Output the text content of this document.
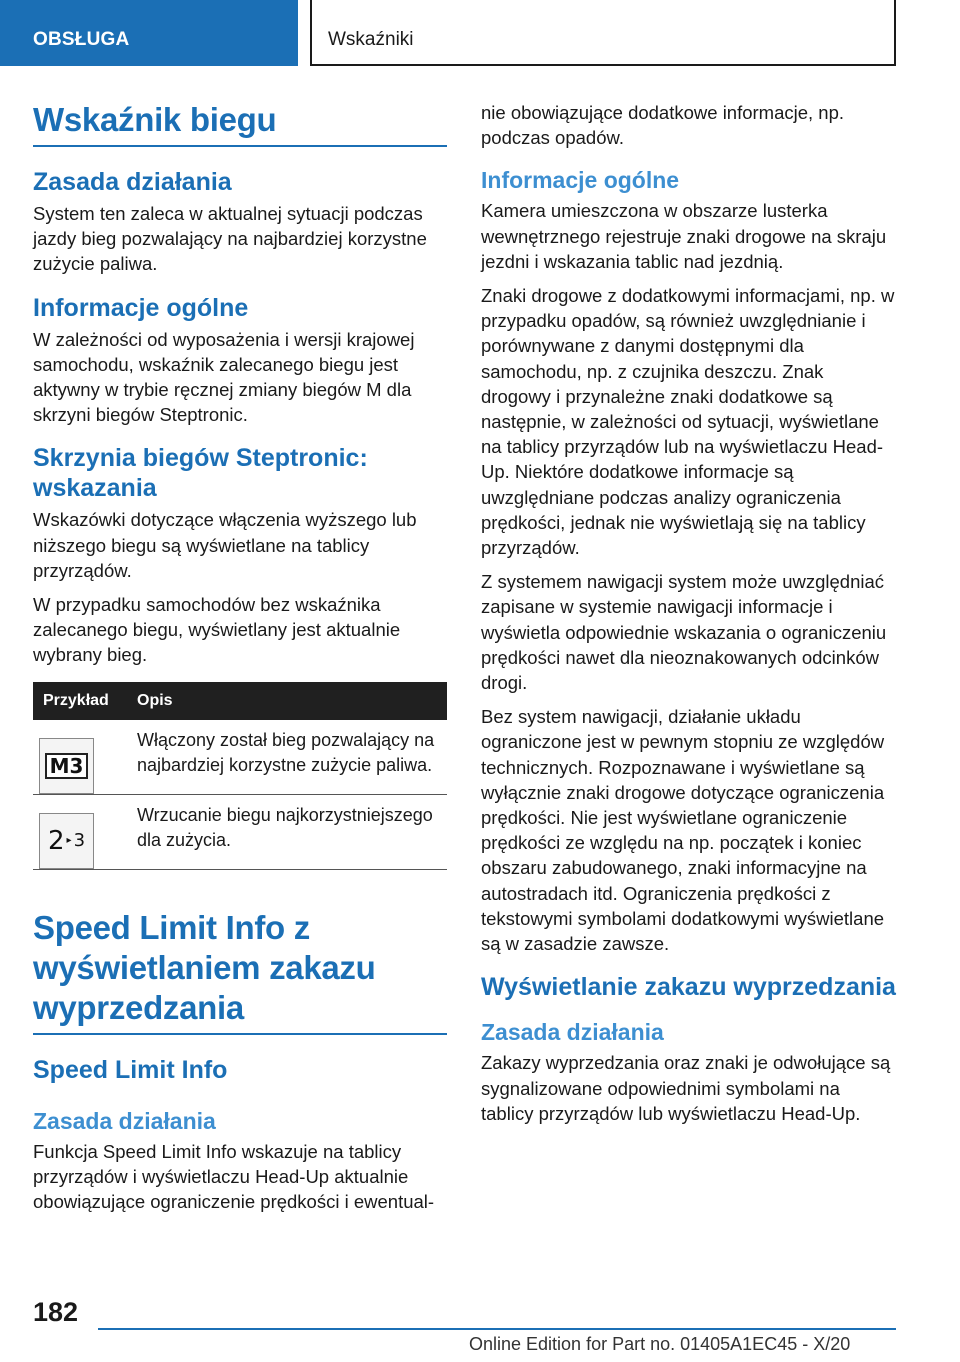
OBSŁUGA	Wskaźniki
Wskaźnik biegu
Zasada działania

System ten zaleca w aktualnej sytuacji podczas jazdy bieg pozwalający na najbardziej korzystne zużycie paliwa.

Informacje ogólne

W zależności od wyposażenia i wersji krajowej samochodu, wskaźnik zalecanego biegu jest aktywny w trybie ręcznej zmiany biegów M dla skrzyni biegów Steptronic.

Skrzynia biegów Steptronic: wskazania

Wskazówki dotyczące włączenia wyższego lub niższego biegu są wyświetlane na tablicy przyrządów.

W przypadku samochodów bez wskaźnika zalecanego biegu, wyświetlany jest aktualnie wybrany bieg.

Przykład	Opis

M3	Włączony został bieg pozwalający na najbardziej korzystne zużycie paliwa.

2 ▸ 3	Wrzucanie biegu najkorzystniejszego dla zużycia.
Speed Limit Info z wyświetlaniem zakazu wyprzedzania
Speed Limit Info
Zasada działania

Funkcja Speed Limit Info wskazuje na tablicy przyrządów i wyświetlaczu Head-Up aktualnie obowiązujące ograniczenie prędkości i ewentual-

nie obowiązujące dodatkowe informacje, np. podczas opadów.

Informacje ogólne

Kamera umieszczona w obszarze lusterka wewnętrznego rejestruje znaki drogowe na skraju jezdni i wskazania tablic nad jezdnią.

Znaki drogowe z dodatkowymi informacjami, np. w przypadku opadów, są również uwzględnianie i porównywane z danymi dostępnymi dla samochodu, np. z czujnika deszczu. Znak drogowy i przynależne znaki dodatkowe są następnie, w zależności od sytuacji, wyświetlane na tablicy przyrządów lub na wyświetlaczu Head-Up. Niektóre dodatkowe informacje są uwzględniane podczas analizy ograniczenia prędkości, jednak nie wyświetlają się na tablicy przyrządów.

Z systemem nawigacji system może uwzględniać zapisane w systemie nawigacji informacje i wyświetla odpowiednie wskazania o ograniczeniu prędkości nawet dla nieoznakowanych odcinków drogi.

Bez system nawigacji, działanie układu ograniczone jest w pewnym stopniu ze względów technicznych. Rozpoznawane i wyświetlane są wyłącznie znaki drogowe dotyczące ograniczenia prędkości. Nie jest wyświetlane ograniczenie prędkości ze względu na np. początek i koniec obszaru zabudowanego, znaki informacyjne na autostradach itd. Ograniczenia prędkości z tekstowymi symbolami dodatkowymi wyświetlane są w zasadzie zawsze.

Wyświetlanie zakazu wyprzedzania
Zasada działania

Zakazy wyprzedzania oraz znaki je odwołujące są sygnalizowane odpowiednimi symbolami na tablicy przyrządów lub wyświetlaczu Head-Up.

182
Online Edition for Part no. 01405A1EC45 - X/20
